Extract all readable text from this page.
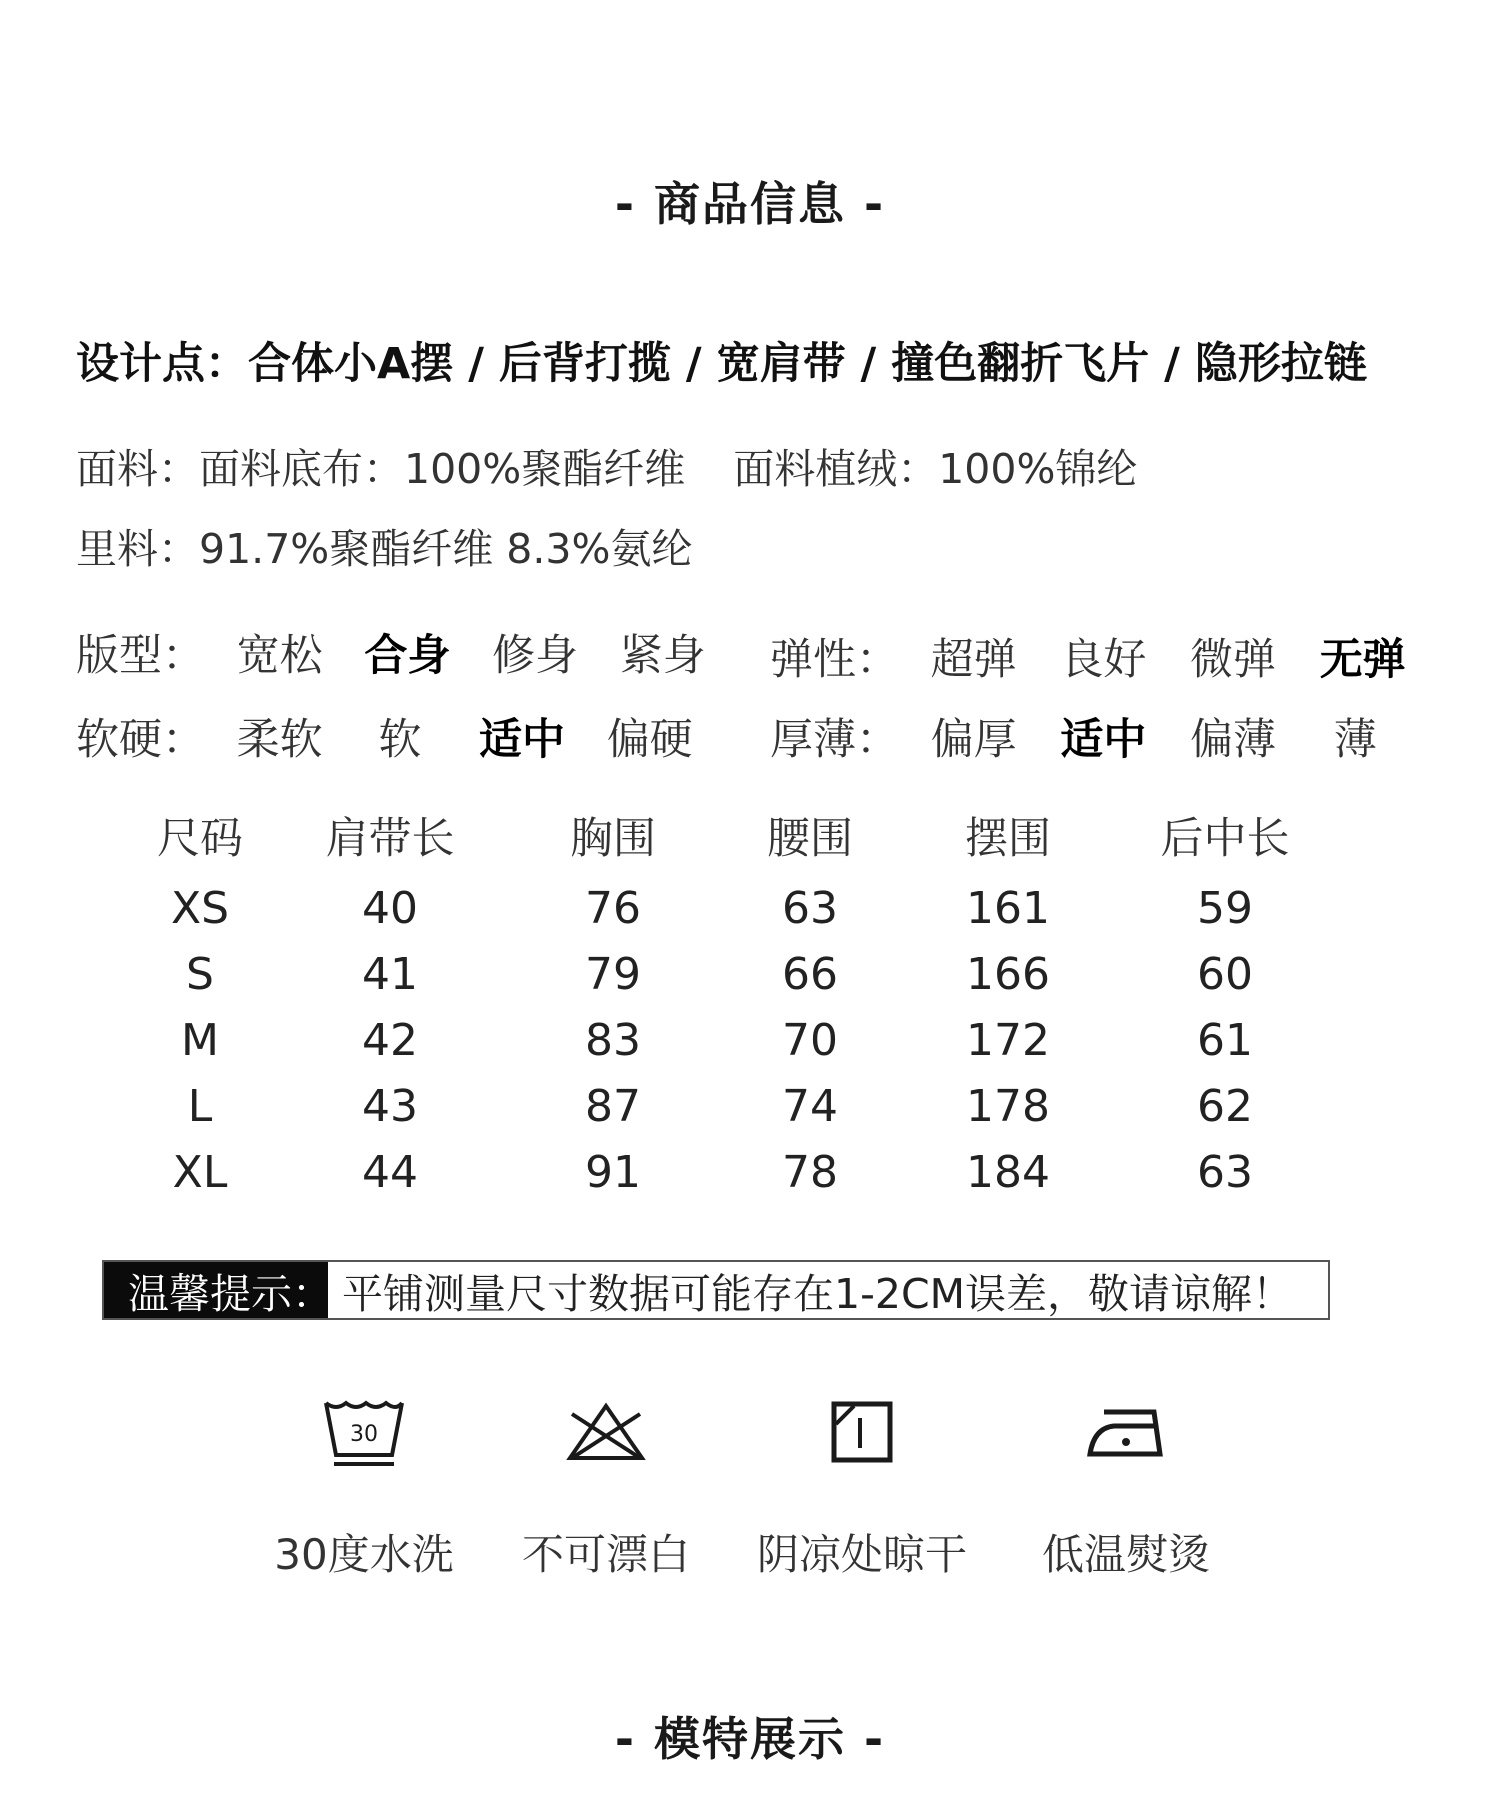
- 商品信息 -
设计点：合体小A摆 / 后背打揽 / 宽肩带 / 撞色翻折飞片 / 隐形拉链
面料：面料底布：100%聚酯纤维 面料植绒：100%锦纶
里料：91.7%聚酯纤维 8.3%氨纶
版型： 宽松 合身 修身 紧身	弹性： 超弹 良好 微弹 无弹
软硬： 柔软 软 适中 偏硬	厚薄： 偏厚 适中 偏薄 薄
尺码	肩带长	胸围	腰围	摆围	后中长
XS	40	76	63	161	59
S	41	79	66	166	60
M	42	83	70	172	61
L	43	87	74	178	62
XL	44	91	78	184	63
温馨提示： 平铺测量尺寸数据可能存在1-2CM误差，敬请谅解！
30
30度水洗	不可漂白	阴凉处晾干	低温熨烫
- 模特展示 -
